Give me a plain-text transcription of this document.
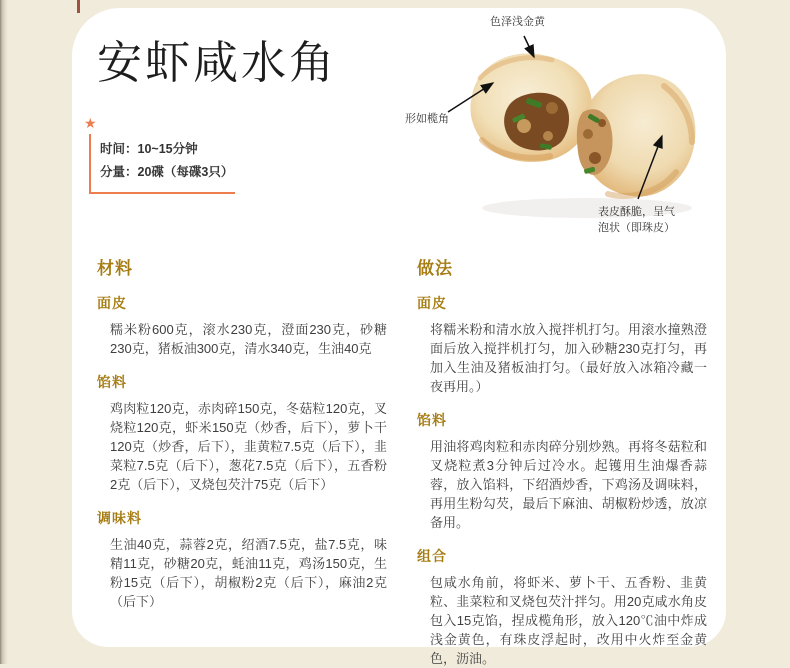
安虾咸水角
★
时间：10~15分钟
分量：20碟（每碟3只）
色泽浅金黄
形如榄角
表皮酥脆，呈气
泡状（即珠皮）
材料
面皮

糯米粉600克，滚水230克，澄面230克，砂糖230克，猪板油300克，清水340克，生油40克

馅料

鸡肉粒120克，赤肉碎150克，冬菇粒120克，叉烧粒120克，虾米150克（炒香，后下），萝卜干120克（炒香，后下），韭黄粒7.5克（后下），韭菜粒7.5克（后下），葱花7.5克（后下），五香粉2克（后下），叉烧包芡汁75克（后下）

调味料

生油40克，蒜蓉2克，绍酒7.5克，盐7.5克，味精11克，砂糖20克，蚝油11克，鸡汤150克，生粉15克（后下），胡椒粉2克（后下），麻油2克（后下）

做法
面皮

将糯米粉和清水放入搅拌机打匀。用滚水撞熟澄面后放入搅拌机打匀，加入砂糖230克打匀，再加入生油及猪板油打匀。（最好放入冰箱冷藏一夜再用。）

馅料

用油将鸡肉粒和赤肉碎分别炒熟。再将冬菇粒和叉烧粒煮3分钟后过冷水。起镬用生油爆香蒜蓉，放入馅料，下绍酒炒香，下鸡汤及调味料，再用生粉勾芡，最后下麻油、胡椒粉炒透，放凉备用。

组合

包咸水角前，将虾米、萝卜干、五香粉、韭黄粒、韭菜粒和叉烧包芡汁拌匀。用20克咸水角皮包入15克馅，捏成榄角形，放入120℃油中炸成浅金黄色，有珠皮浮起时，改用中火炸至金黄色，沥油。
